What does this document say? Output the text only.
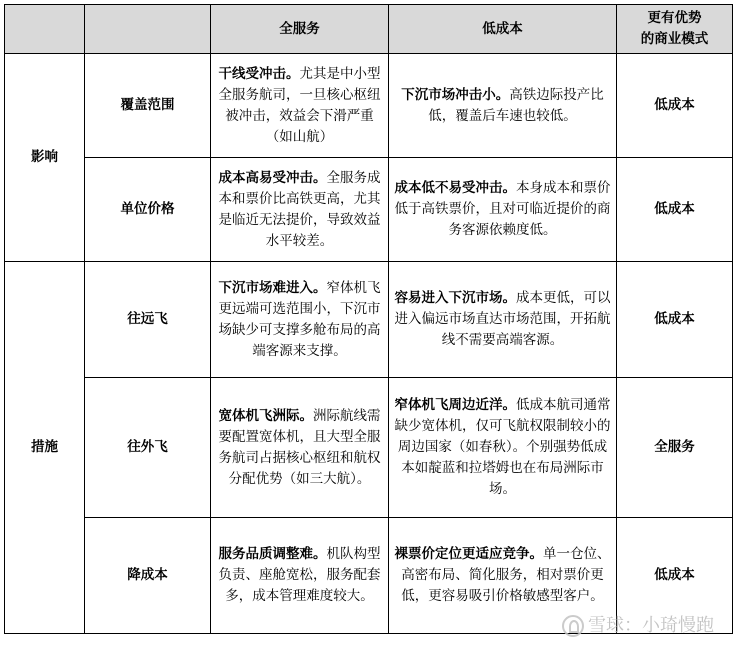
		全服务	低成本	更有优势
的商业模式
影响	覆盖范围	干线受冲击。尤其是中小型全服务航司，一旦核心枢纽被冲击，效益会下滑严重（如山航）	下沉市场冲击小。高铁边际投产比低，覆盖后车速也较低。	低成本
	单位价格	成本高易受冲击。全服务成本和票价比高铁更高，尤其是临近无法提价，导致效益水平较差。	成本低不易受冲击。本身成本和票价低于高铁票价，且对可临近提价的商务客源依赖度低。	低成本
措施	往远飞	下沉市场难进入。窄体机飞更远端可选范围小，下沉市场缺少可支撑多舱布局的高端客源来支撑。	容易进入下沉市场。成本更低，可以进入偏远市场直达市场范围，开拓航线不需要高端客源。	低成本
	往外飞	宽体机飞洲际。洲际航线需要配置宽体机，且大型全服务航司占据核心枢纽和航权分配优势（如三大航）。	窄体机飞周边近洋。低成本航司通常缺少宽体机，仅可飞航权限制较小的周边国家（如春秋）。个别强势低成本如靛蓝和拉塔姆也在布局洲际市场。	全服务
	降成本	服务品质调整难。机队构型负责、座舱宽松，服务配套多，成本管理难度较大。	裸票价定位更适应竞争。单一仓位、高密布局、简化服务，相对票价更低，更容易吸引价格敏感型客户。	低成本
雪球：小琦慢跑
